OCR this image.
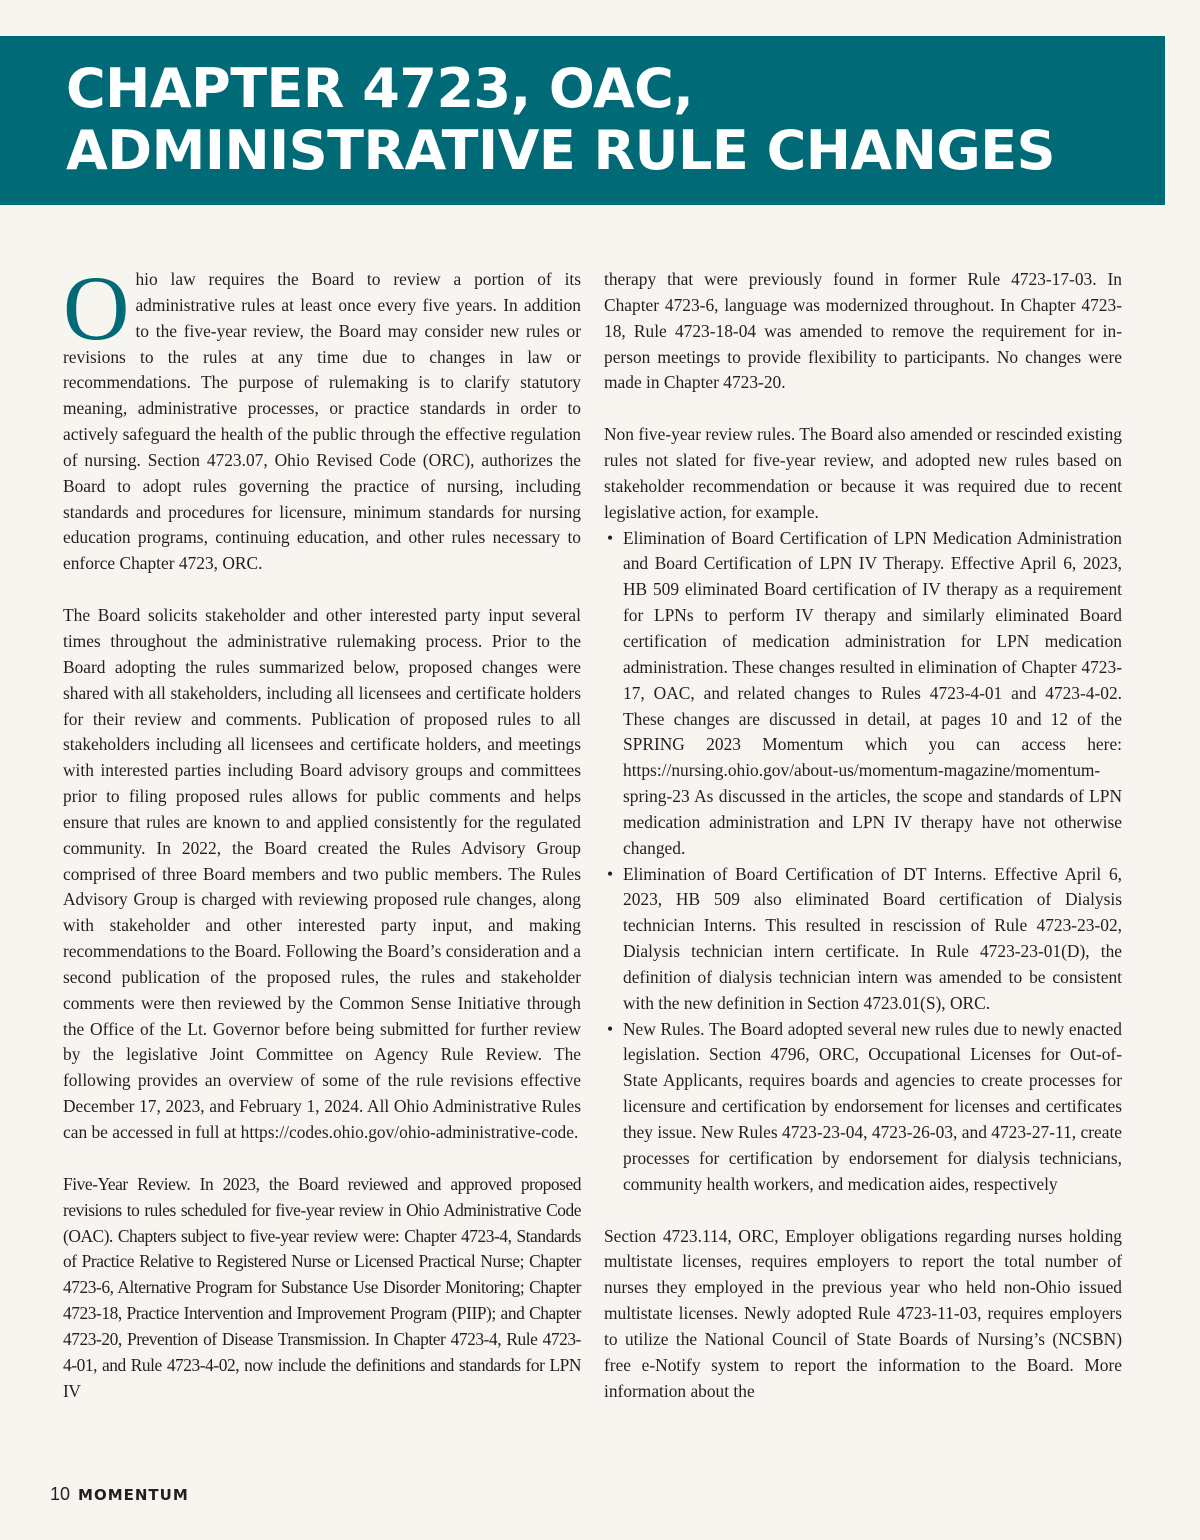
CHAPTER 4723, OAC, ADMINISTRATIVE RULE CHANGES

Ohio law requires the Board to review a portion of its administrative rules at least once every five years. In addition to the five-year review, the Board may consider new rules or revisions to the rules at any time due to changes in law or recommendations. The purpose of rulemaking is to clarify statutory meaning, administrative processes, or practice standards in order to actively safeguard the health of the public through the effective regulation of nursing. Section 4723.07, Ohio Revised Code (ORC), authorizes the Board to adopt rules governing the practice of nursing, including standards and procedures for licensure, minimum standards for nursing education programs, continuing education, and other rules necessary to enforce Chapter 4723, ORC.

The Board solicits stakeholder and other interested party input several times throughout the administrative rulemaking process. Prior to the Board adopting the rules summarized below, proposed changes were shared with all stakeholders, including all licensees and certificate holders for their review and comments. Publication of proposed rules to all stakeholders including all licensees and certificate holders, and meetings with interested parties including Board advisory groups and committees prior to filing proposed rules allows for public comments and helps ensure that rules are known to and applied consistently for the regulated community. In 2022, the Board created the Rules Advisory Group comprised of three Board members and two public members. The Rules Advisory Group is charged with reviewing proposed rule changes, along with stakeholder and other interested party input, and making recommendations to the Board. Following the Board’s consideration and a second publication of the proposed rules, the rules and stakeholder comments were then reviewed by the Common Sense Initiative through the Office of the Lt. Governor before being submitted for further review by the legislative Joint Committee on Agency Rule Review. The following provides an overview of some of the rule revisions effective December 17, 2023, and February 1, 2024. All Ohio Administrative Rules can be accessed in full at https://codes.ohio.gov/ohio-administrative-code.

Five-Year Review. In 2023, the Board reviewed and approved proposed revisions to rules scheduled for five-year review in Ohio Administrative Code (OAC). Chapters subject to five-year review were: Chapter 4723-4, Standards of Practice Relative to Registered Nurse or Licensed Practical Nurse; Chapter 4723-6, Alternative Program for Substance Use Disorder Monitoring; Chapter 4723-18, Practice Intervention and Improvement Program (PIIP); and Chapter 4723-20, Prevention of Disease Transmission. In Chapter 4723-4, Rule 4723-4-01, and Rule 4723-4-02, now include the definitions and standards for LPN IV

therapy that were previously found in former Rule 4723-17-03. In Chapter 4723-6, language was modernized throughout. In Chapter 4723-18, Rule 4723-18-04 was amended to remove the requirement for in-person meetings to provide flexibility to participants. No changes were made in Chapter 4723-20.

Non five-year review rules. The Board also amended or rescinded existing rules not slated for five-year review, and adopted new rules based on stakeholder recommendation or because it was required due to recent legislative action, for example.

• Elimination of Board Certification of LPN Medication Administration and Board Certification of LPN IV Therapy. Effective April 6, 2023, HB 509 eliminated Board certification of IV therapy as a requirement for LPNs to perform IV therapy and similarly eliminated Board certification of medication administration for LPN medication administration. These changes resulted in elimination of Chapter 4723-17, OAC, and related changes to Rules 4723-4-01 and 4723-4-02. These changes are discussed in detail, at pages 10 and 12 of the SPRING 2023 Momentum which you can access here: https://nursing.ohio.gov/about-us/momentum-magazine/momentum-spring-23 As discussed in the articles, the scope and standards of LPN medication administration and LPN IV therapy have not otherwise changed.
• Elimination of Board Certification of DT Interns. Effective April 6, 2023, HB 509 also eliminated Board certification of Dialysis technician Interns. This resulted in rescission of Rule 4723-23-02, Dialysis technician intern certificate. In Rule 4723-23-01(D), the definition of dialysis technician intern was amended to be consistent with the new definition in Section 4723.01(S), ORC.
• New Rules. The Board adopted several new rules due to newly enacted legislation. Section 4796, ORC, Occupational Licenses for Out-of-State Applicants, requires boards and agencies to create processes for licensure and certification by endorsement for licenses and certificates they issue. New Rules 4723-23-04, 4723-26-03, and 4723-27-11, create processes for certification by endorsement for dialysis technicians, community health workers, and medication aides, respectively

Section 4723.114, ORC, Employer obligations regarding nurses holding multistate licenses, requires employers to report the total number of nurses they employed in the previous year who held non-Ohio issued multistate licenses. Newly adopted Rule 4723-11-03, requires employers to utilize the National Council of State Boards of Nursing’s (NCSBN) free e-Notify system to report the information to the Board. More information about the

10 MOMENTUM
